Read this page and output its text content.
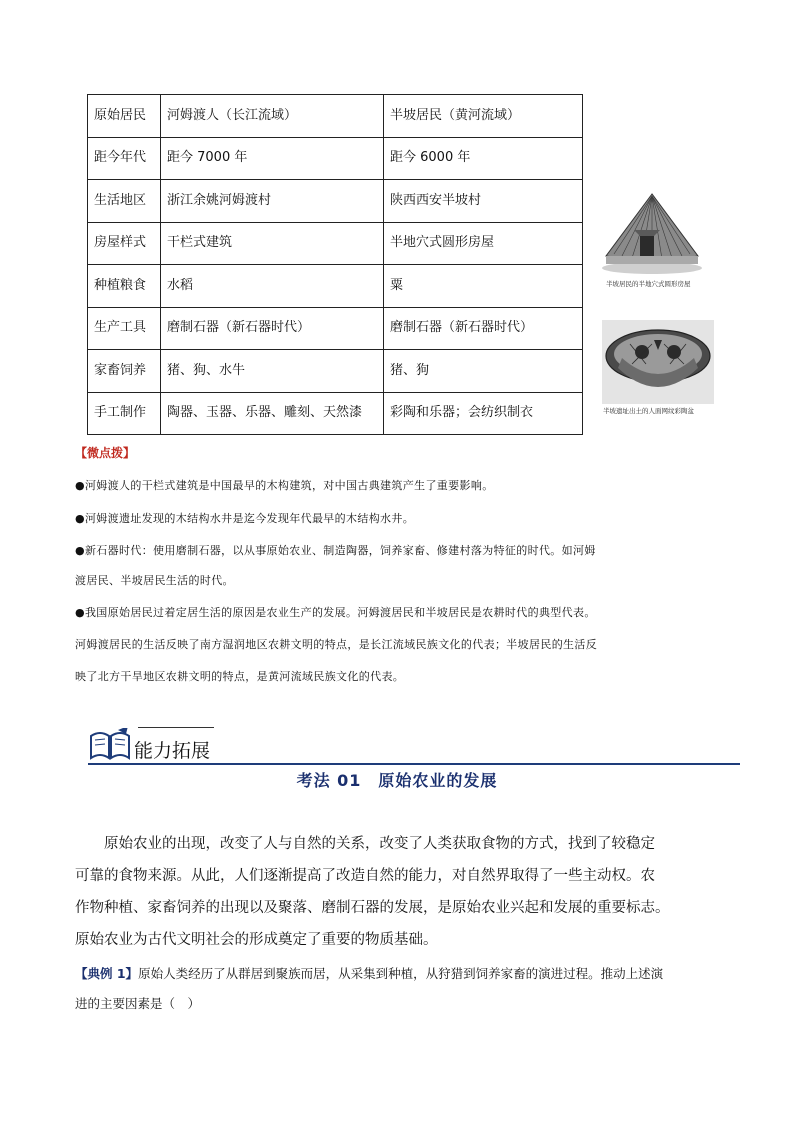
原始居民	河姆渡人（长江流域）	半坡居民（黄河流域）
距今年代	距今 7000 年	距今 6000 年
生活地区	浙江余姚河姆渡村	陕西西安半坡村
房屋样式	干栏式建筑	半地穴式圆形房屋
种植粮食	水稻	粟
生产工具	磨制石器（新石器时代）	磨制石器（新石器时代）
家畜饲养	猪、狗、水牛	猪、狗
手工制作	陶器、玉器、乐器、雕刻、天然漆	彩陶和乐器；会纺织制衣
半坡居民的半地穴式圆形房屋
半坡遗址出土的人面网纹彩陶盆
【微点拨】
●河姆渡人的干栏式建筑是中国最早的木构建筑，对中国古典建筑产生了重要影响。
●河姆渡遗址发现的木结构水井是迄今发现年代最早的木结构水井。
●新石器时代：使用磨制石器，以从事原始农业、制造陶器，饲养家畜、修建村落为特征的时代。如河姆
渡居民、半坡居民生活的时代。
●我国原始居民过着定居生活的原因是农业生产的发展。河姆渡居民和半坡居民是农耕时代的典型代表。
河姆渡居民的生活反映了南方湿润地区农耕文明的特点，是长江流域民族文化的代表；半坡居民的生活反
映了北方干旱地区农耕文明的特点，是黄河流域民族文化的代表。
能力拓展
考法 01　原始农业的发展
　　原始农业的出现，改变了人与自然的关系，改变了人类获取食物的方式，找到了较稳定
可靠的食物来源。从此，人们逐渐提高了改造自然的能力，对自然界取得了一些主动权。农
作物种植、家畜饲养的出现以及聚落、磨制石器的发展，是原始农业兴起和发展的重要标志。
原始农业为古代文明社会的形成奠定了重要的物质基础。
【典例 1】原始人类经历了从群居到聚族而居，从采集到种植，从狩猎到饲养家畜的演进过程。推动上述演
进的主要因素是（　）
